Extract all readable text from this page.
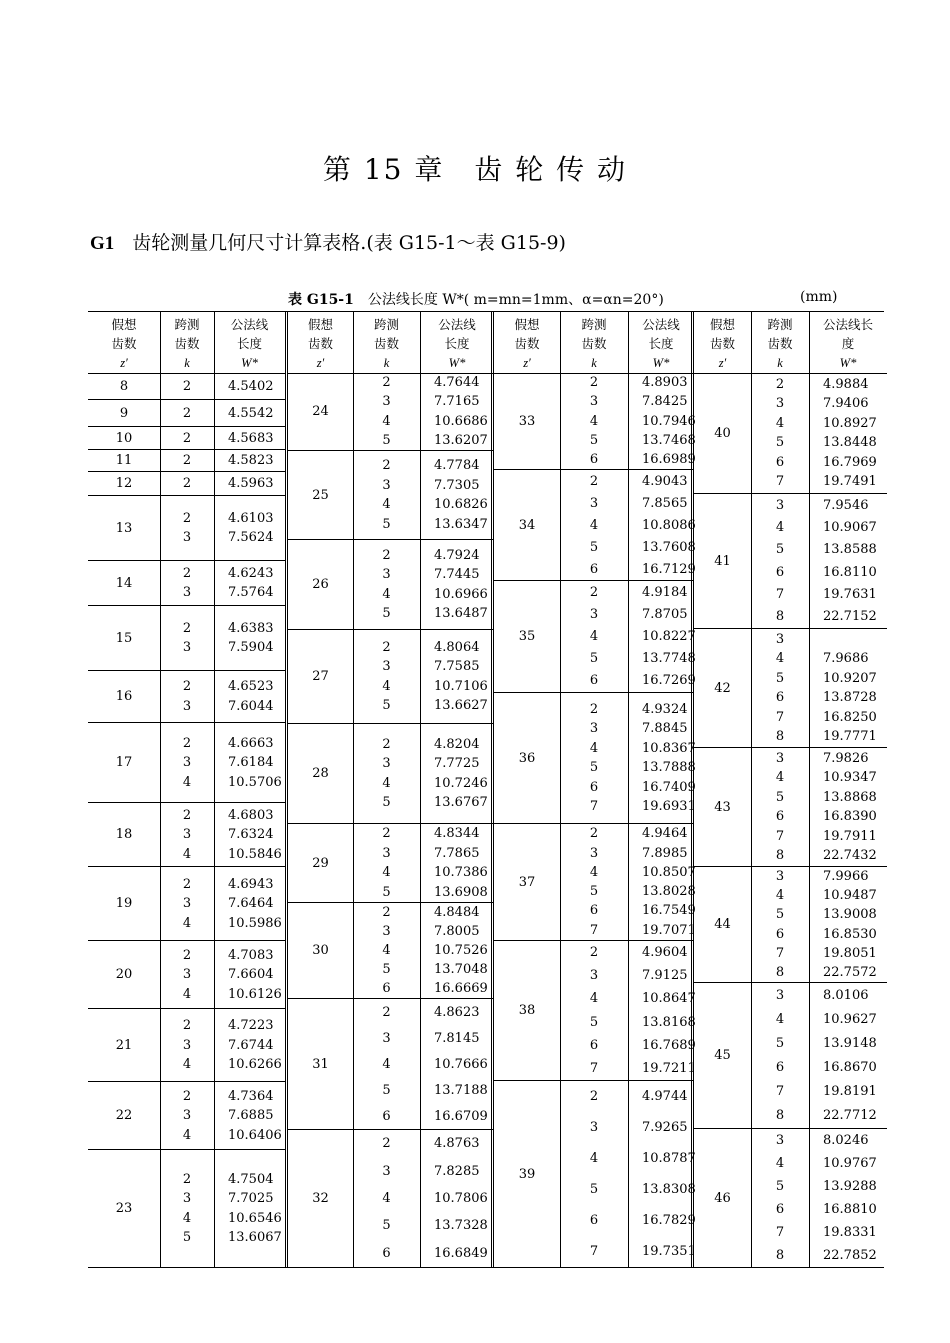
第 15 章　齿 轮 传 动
G1 齿轮测量几何尺寸计算表格.(表 G15-1～表 G15-9)
表 G15-1 公法线长度 W*( m=mn=1mm、α=αn=20°)	(mm)
假想
齿数
z′
跨测
齿数
k
公法线
长度
W*
8	2	4.5402
9	2	4.5542
10	2	4.5683
11	2	4.5823
12	2	4.5963
13
2	4.6103
3	7.5624
14
2	4.6243
3	7.5764
15
2	4.6383
3	7.5904
16
2	4.6523
3	7.6044
17
2	4.6663
3	7.6184
4	10.5706
18
2	4.6803
3	7.6324
4	10.5846
19
2	4.6943
3	7.6464
4	10.5986
20
2	4.7083
3	7.6604
4	10.6126
21
2	4.7223
3	7.6744
4	10.6266
22
2	4.7364
3	7.6885
4	10.6406
23
2	4.7504
3	7.7025
4	10.6546
5	13.6067
假想
齿数
z′
跨测
齿数
k
公法线
长度
W*
24
2	4.7644
3	7.7165
4	10.6686
5	13.6207
25
2	4.7784
3	7.7305
4	10.6826
5	13.6347
26
2	4.7924
3	7.7445
4	10.6966
5	13.6487
27
2	4.8064
3	7.7585
4	10.7106
5	13.6627
28
2	4.8204
3	7.7725
4	10.7246
5	13.6767
29
2	4.8344
3	7.7865
4	10.7386
5	13.6908
30
2	4.8484
3	7.8005
4	10.7526
5	13.7048
6	16.6669
31
2	4.8623
3	7.8145
4	10.7666
5	13.7188
6	16.6709
32
2	4.8763
3	7.8285
4	10.7806
5	13.7328
6	16.6849
假想
齿数
z′
跨测
齿数
k
公法线
长度
W*
33
2	4.8903
3	7.8425
4	10.7946
5	13.7468
6	16.6989
34
2	4.9043
3	7.8565
4	10.8086
5	13.7608
6	16.7129
35
2	4.9184
3	7.8705
4	10.8227
5	13.7748
6	16.7269
36
2	4.9324
3	7.8845
4	10.8367
5	13.7888
6	16.7409
7	19.6931
37
2	4.9464
3	7.8985
4	10.8507
5	13.8028
6	16.7549
7	19.7071
38
2	4.9604
3	7.9125
4	10.8647
5	13.8168
6	16.7689
7	19.7211
39
2	4.9744
3	7.9265
4	10.8787
5	13.8308
6	16.7829
7	19.7351
假想
齿数
z′
跨测
齿数
k
公法线长
度
W*
40
2	4.9884
3	7.9406
4	10.8927
5	13.8448
6	16.7969
7	19.7491
41
3	7.9546
4	10.9067
5	13.8588
6	16.8110
7	19.7631
8	22.7152
42
3
4	7.9686
5	10.9207
6	13.8728
7	16.8250
8	19.7771
43
3	7.9826
4	10.9347
5	13.8868
6	16.8390
7	19.7911
8	22.7432
44
3	7.9966
4	10.9487
5	13.9008
6	16.8530
7	19.8051
8	22.7572
45
3	8.0106
4	10.9627
5	13.9148
6	16.8670
7	19.8191
8	22.7712
46
3	8.0246
4	10.9767
5	13.9288
6	16.8810
7	19.8331
8	22.7852
